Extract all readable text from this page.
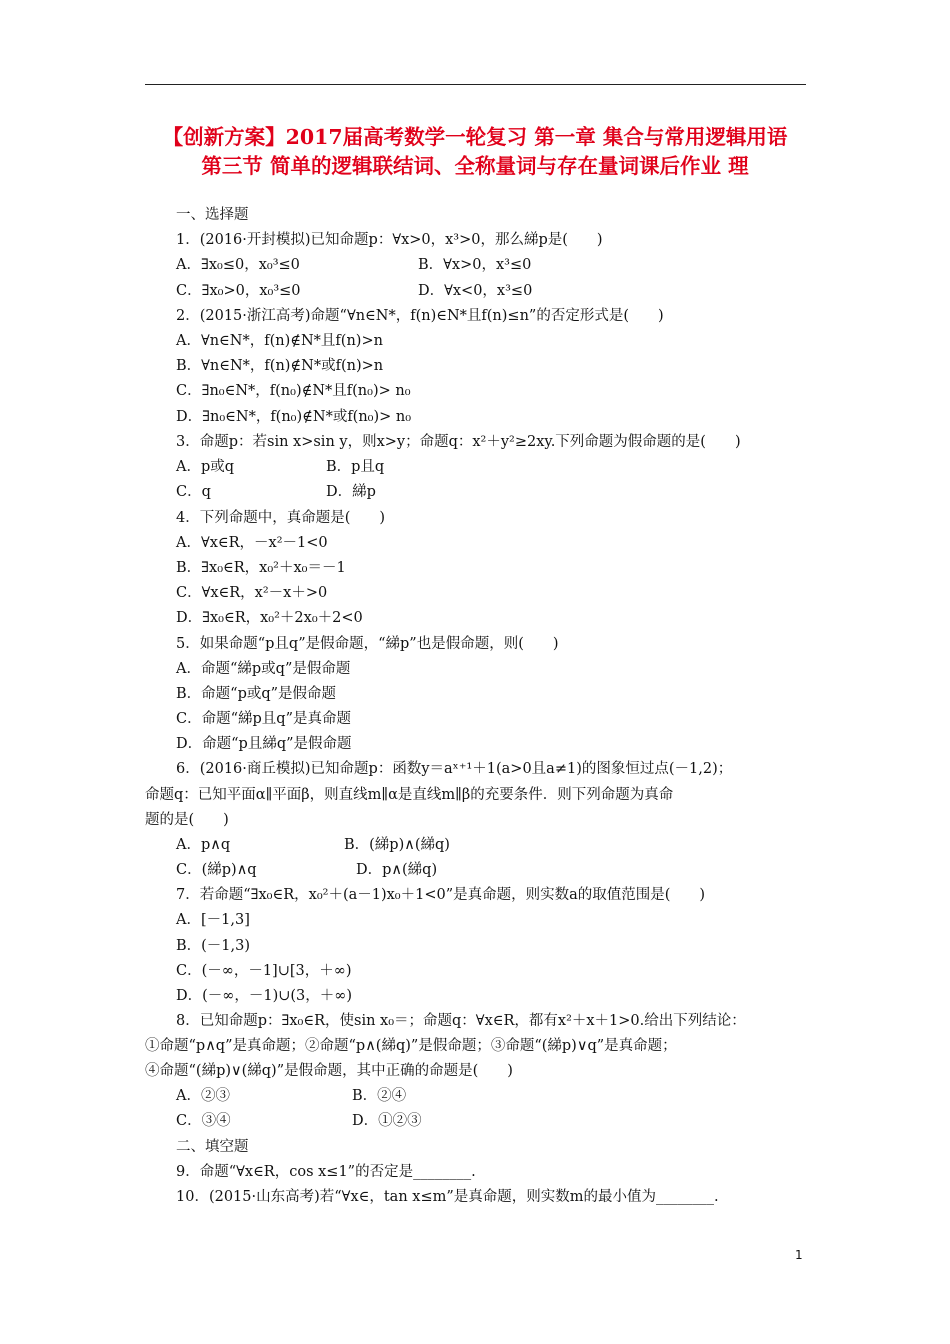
【创新方案】2017届高考数学一轮复习 第一章 集合与常用逻辑用语
第三节 简单的逻辑联结词、全称量词与存在量词课后作业 理
一、选择题
1．(2016·开封模拟)已知命题p：∀x>0，x³>0，那么綈p是(　　)
A．∃x₀≤0，x₀³≤0	B．∀x>0，x³≤0
C．∃x₀>0，x₀³≤0	D．∀x<0，x³≤0
2．(2015·浙江高考)命题“∀n∈N*，f(n)∈N*且f(n)≤n”的否定形式是(　　)
A．∀n∈N*，f(n)∉N*且f(n)>n
B．∀n∈N*，f(n)∉N*或f(n)>n
C．∃n₀∈N*，f(n₀)∉N*且f(n₀)> n₀
D．∃n₀∈N*，f(n₀)∉N*或f(n₀)> n₀
3．命题p：若sin x>sin y，则x>y；命题q：x²＋y²≥2xy.下列命题为假命题的是(　　)
A．p或q	B．p且q
C．q	D．綈p
4．下列命题中，真命题是(　　)
A．∀x∈R，－x²－1<0
B．∃x₀∈R，x₀²＋x₀＝－1
C．∀x∈R，x²－x＋>0
D．∃x₀∈R，x₀²＋2x₀＋2<0
5．如果命题“p且q”是假命题，“綈p”也是假命题，则(　　)
A．命题“綈p或q”是假命题
B．命题“p或q”是假命题
C．命题“綈p且q”是真命题
D．命题“p且綈q”是假命题
6．(2016·商丘模拟)已知命题p：函数y＝aˣ⁺¹＋1(a>0且a≠1)的图象恒过点(－1,2)；
命题q：已知平面α∥平面β，则直线m∥α是直线m∥β的充要条件．则下列命题为真命
题的是(　　)
A．p∧q	B．(綈p)∧(綈q)
C．(綈p)∧q	D．p∧(綈q)
7．若命题“∃x₀∈R，x₀²＋(a－1)x₀＋1<0”是真命题，则实数a的取值范围是(　　)
A．[－1,3]
B．(－1,3)
C．(－∞，－1]∪[3，＋∞)
D．(－∞，－1)∪(3，＋∞)
8．已知命题p：∃x₀∈R，使sin x₀＝；命题q：∀x∈R，都有x²＋x＋1>0.给出下列结论：
①命题“p∧q”是真命题；②命题“p∧(綈q)”是假命题；③命题“(綈p)∨q”是真命题；
④命题“(綈p)∨(綈q)”是假命题，其中正确的命题是(　　)
A．②③	B．②④
C．③④	D．①②③
二、填空题
9．命题“∀x∈R，cos x≤1”的否定是________.
10．(2015·山东高考)若“∀x∈，tan x≤m”是真命题，则实数m的最小值为________.
1
